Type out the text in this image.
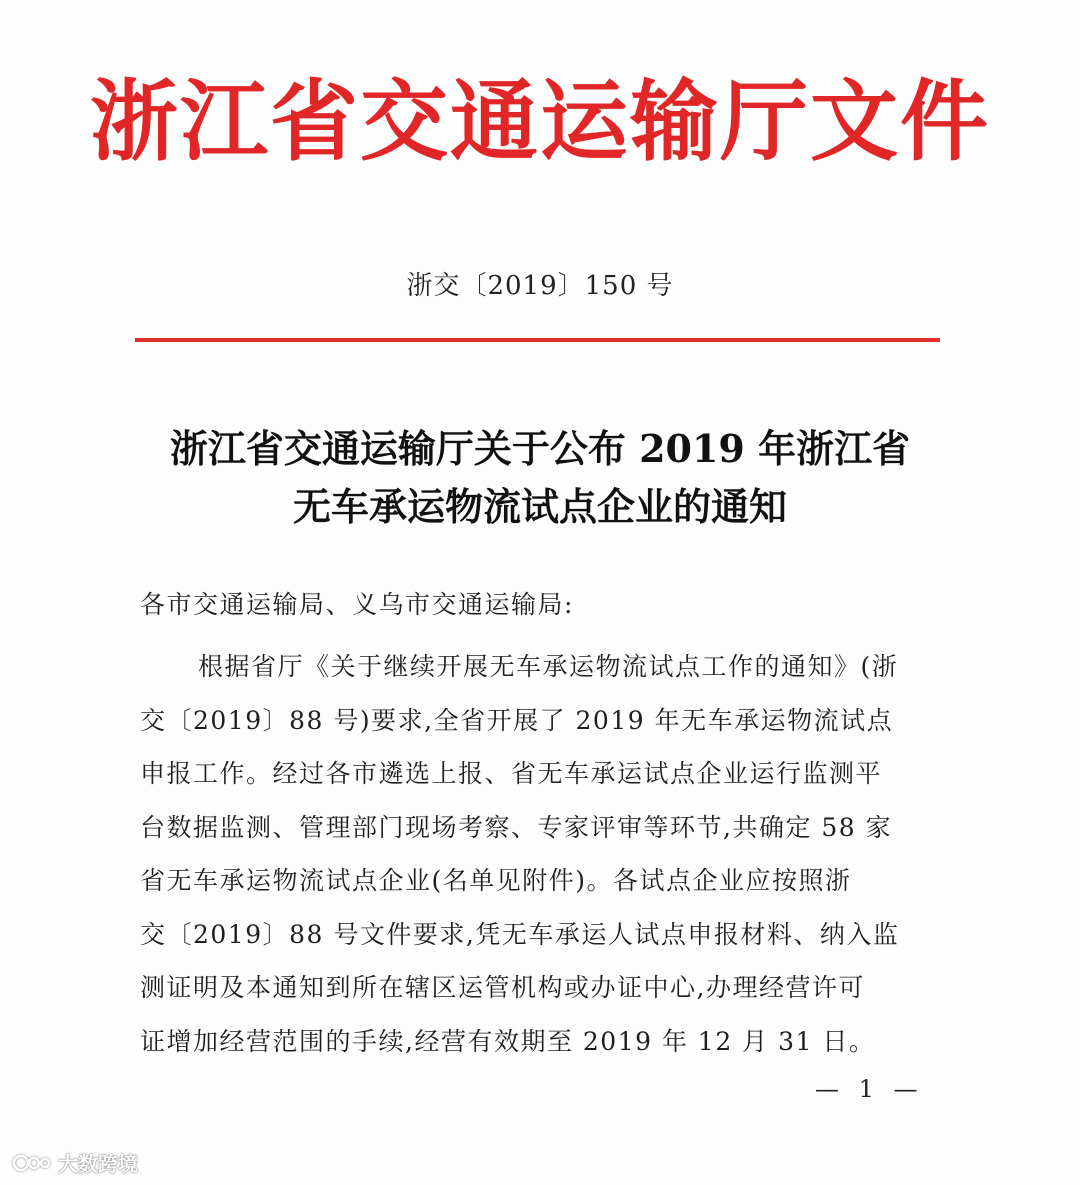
浙江省交通运输厅文件
浙交〔2019〕150 号
浙江省交通运输厅关于公布 2019 年浙江省
无车承运物流试点企业的通知
各市交通运输局、义乌市交通运输局:
根据省厅《关于继续开展无车承运物流试点工作的通知》(浙
交〔2019〕88 号)要求,全省开展了 2019 年无车承运物流试点
申报工作。经过各市遴选上报、省无车承运试点企业运行监测平
台数据监测、管理部门现场考察、专家评审等环节,共确定 58 家
省无车承运物流试点企业(名单见附件)。各试点企业应按照浙
交〔2019〕88 号文件要求,凭无车承运人试点申报材料、纳入监
测证明及本通知到所在辖区运管机构或办证中心,办理经营许可
证增加经营范围的手续,经营有效期至 2019 年 12 月 31 日。
— 1 —
大数跨境
